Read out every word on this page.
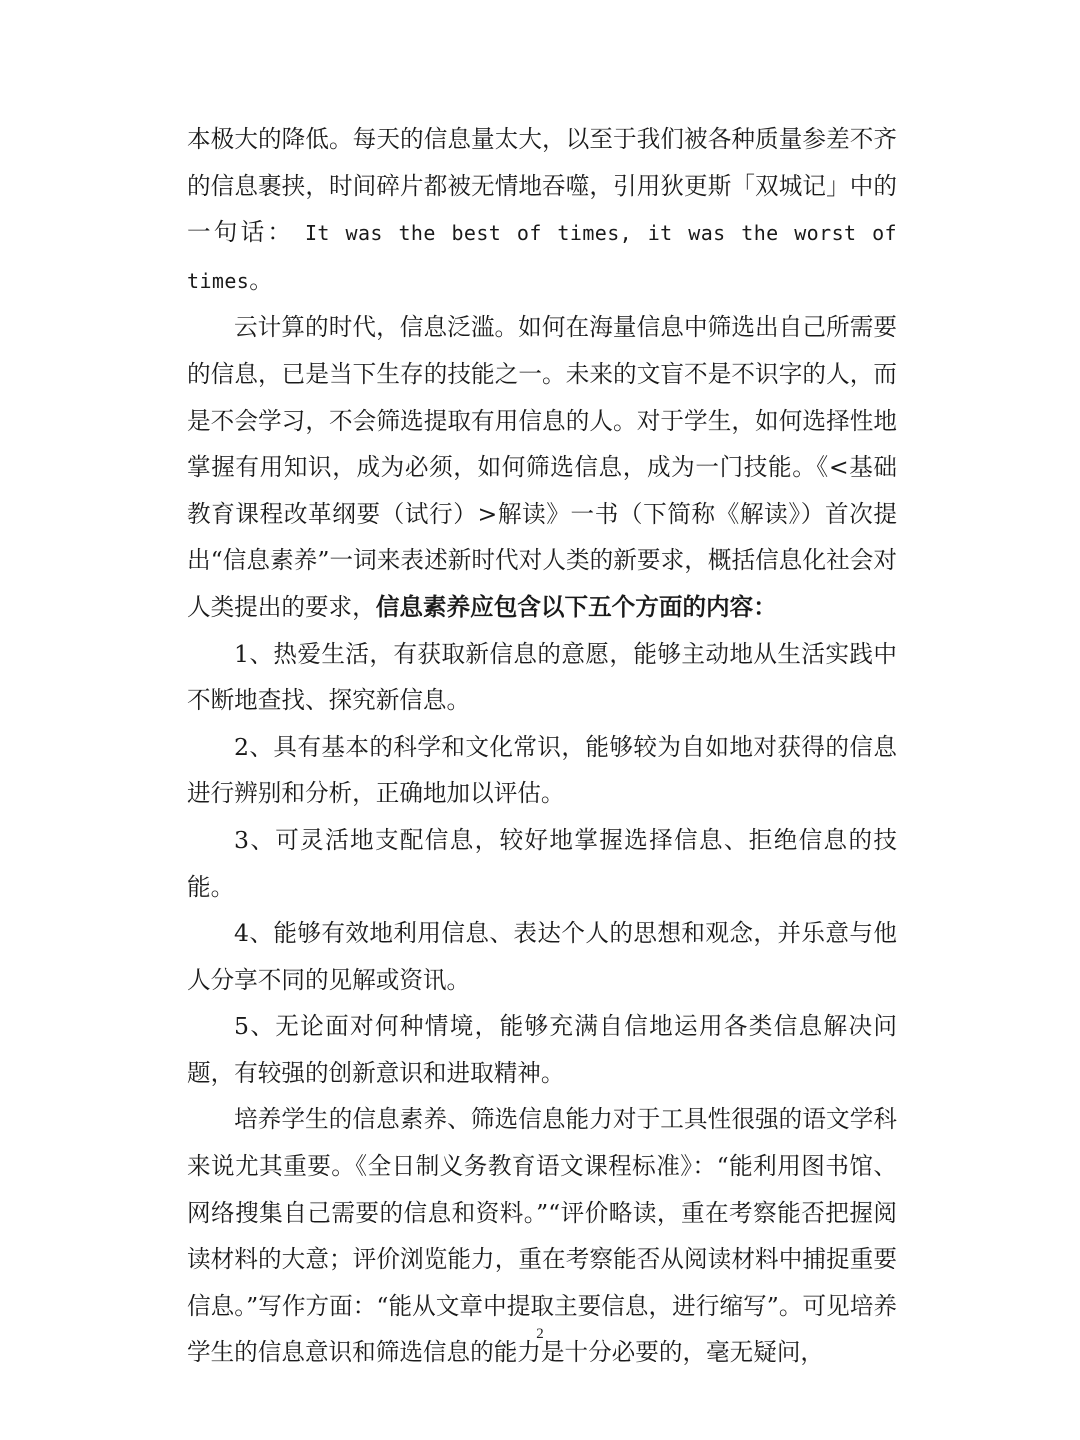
本极大的降低。每天的信息量太大，以至于我们被各种质量参差不齐的信息裹挟，时间碎片都被无情地吞噬，引用狄更斯「双城记」中的一句话： It was the best of times, it was the worst of times。

云计算的时代，信息泛滥。如何在海量信息中筛选出自己所需要的信息，已是当下生存的技能之一。未来的文盲不是不识字的人，而是不会学习，不会筛选提取有用信息的人。对于学生，如何选择性地掌握有用知识，成为必须，如何筛选信息，成为一门技能。《<基础教育课程改革纲要（试行）>解读》一书（下简称《解读》）首次提出“信息素养”一词来表述新时代对人类的新要求，概括信息化社会对人类提出的要求，信息素养应包含以下五个方面的内容：

1、热爱生活，有获取新信息的意愿，能够主动地从生活实践中不断地查找、探究新信息。

2、具有基本的科学和文化常识，能够较为自如地对获得的信息进行辨别和分析，正确地加以评估。

3、可灵活地支配信息，较好地掌握选择信息、拒绝信息的技能。

4、能够有效地利用信息、表达个人的思想和观念，并乐意与他人分享不同的见解或资讯。

5、无论面对何种情境，能够充满自信地运用各类信息解决问题，有较强的创新意识和进取精神。

培养学生的信息素养、筛选信息能力对于工具性很强的语文学科来说尤其重要。《全日制义务教育语文课程标准》：“能利用图书馆、网络搜集自己需要的信息和资料。”“评价略读，重在考察能否把握阅读材料的大意；评价浏览能力，重在考察能否从阅读材料中捕捉重要信息。”写作方面：“能从文章中提取主要信息，进行缩写”。可见培养学生的信息意识和筛选信息的能力是十分必要的，毫无疑问，

2
